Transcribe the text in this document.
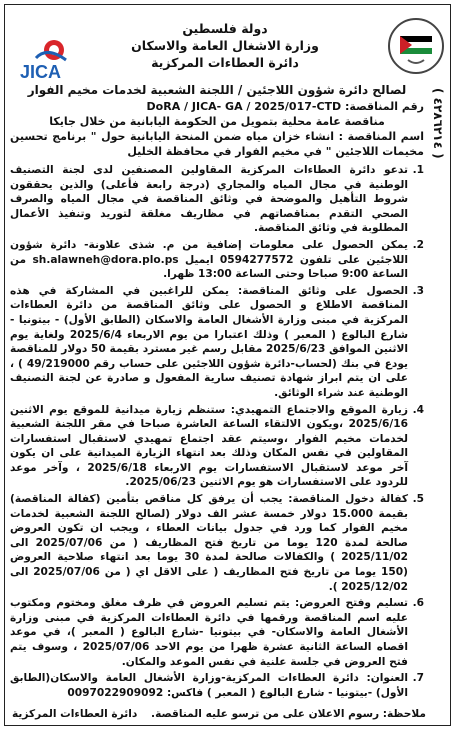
JICA
دولة فلسطين
وزارة الاشغال العامة والاسكان
دائرة العطاءات المركزية
( ٤٢٨٦٢١٤ )
لصالح دائرة شؤون اللاجئين / اللجنة الشعبية لخدمات مخيم الفوار
رقم المناقصة: DoRA / JICA- GA / 2025/017-CTD
مناقصة عامة محلية بتمويل من الحكومة اليابانية من خلال جايكا
اسم المناقصة : انشاء خزان مياه ضمن المنحة اليابانية حول " برنامج تحسين مخيمات اللاجئين " في مخيم الفوار في محافظة الخليل
1.
تدعو دائرة العطاءات المركزية المقاولين المصنفين لدى لجنة التصنيف الوطنية في مجال المياه والمجاري (درجة رابعة فأعلى) والذين يحققون شروط التأهيل والموضحة في وثائق المناقصة في مجال المياه والصرف الصحي التقدم بمناقصاتهم في مظاريف مغلقة لتوريد وتنفيذ الأعمال المطلوبة في وثائق المناقصة.
2.
يمكن الحصول على معلومات إضافية من م. شذى علاونة- دائرة شؤون اللاجئين على تلفون 0594277572 ايميل sh.alawneh@dora.plo.ps من الساعة 9:00 صباحا وحتى الساعة 13:00 ظهرا.
3.
الحصول على وثائق المناقصة: يمكن للراغبين في المشاركة في هذه المناقصة الاطلاع و الحصول على وثائق المناقصة من دائرة العطاءات المركزية في مبنى وزارة الأشغال العامة والاسكان (الطابق الأول) - بيتونيا - شارع البالوع ( المعبر ) وذلك اعتبارا من يوم الاربعاء 2025/6/4 ولغاية يوم الاثنين الموافق 2025/6/23 مقابل رسم غير مسترد بقيمة 50 دولار للمناقصة يودع في بنك (لحساب-دائرة شؤون اللاجئين على حساب رقم 49/219000 ) ، على ان يتم ابراز شهادة تصنيف سارية المفعول و صادرة عن لجنة التصنيف الوطنية عند شراء الوثائق.
4.
زيارة الموقع والاجتماع التمهيدي: ستنظم زيارة ميدانية للموقع يوم الاثنين 2025/6/16 ،ويكون الالتقاء الساعة العاشرة صباحا في مقر اللجنة الشعبية لخدمات مخيم الفوار ،وسيتم عقد اجتماع تمهيدي لاستقبال استفسارات المقاولين في نفس المكان وذلك بعد انتهاء الزيارة الميدانية على ان يكون آخر موعد لاستقبال الاستفسارات يوم الاربعاء 2025/6/18 ، وآخر موعد للردود على الاستفسارات هو يوم الاثنين 2025/06/23.
5.
كفالة دخول المناقصة: يجب أن يرفق كل مناقص بتأمين (كفالة المناقصة) بقيمة 15.000 دولار خمسة عشر الف دولار (لصالح اللجنة الشعبية لخدمات مخيم الفوار كما ورد في جدول بيانات العطاء ، ويجب ان تكون العروض صالحة لمدة 120 يوما من تاريخ فتح المظاريف ( من 2025/07/06 الى 2025/11/02 ) والكفالات صالحة لمدة 30 يوما بعد انتهاء صلاحية العروض (150 يوما من تاريخ فتح المظاريف ( على الاقل اي ( من 2025/07/06 الى 2025/12/02 ).
6.
تسليم وفتح العروض: يتم تسليم العروض في ظرف مغلق ومختوم ومكتوب عليه اسم المناقصة ورقمها في دائرة العطاءات المركزية في مبنى وزارة الأشغال العامة والاسكان- في بيتونيا -شارع البالوع ( المعبر )، في موعد اقصاه الساعة الثانية عشرة ظهرا من يوم الاحد 2025/07/06 ، وسوف يتم فتح العروض في جلسة علنية في نفس الموعد والمكان.
7.
العنوان: دائرة العطاءات المركزية-وزارة الأشغال العامة والاسكان(الطابق الأول) -بيتونيا - شارع البالوع ( المعبر ) فاكس: 0097022909092
ملاحظة: رسوم الاعلان على من ترسو عليه المناقصة.
دائرة العطاءات المركزية
